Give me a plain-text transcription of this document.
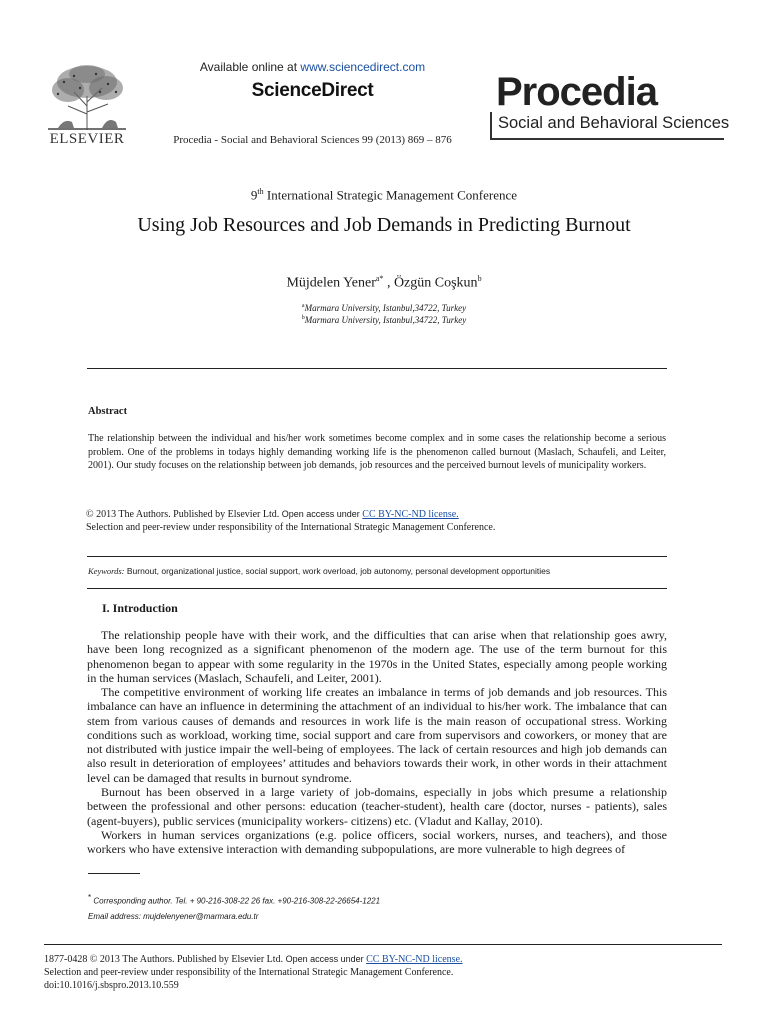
ELSEVIER
Available online at www.sciencedirect.com
ScienceDirect
Procedia - Social and Behavioral Sciences 99 (2013) 869 – 876
Procedia
Social and Behavioral Sciences
9th International Strategic Management Conference
Using Job Resources and Job Demands in Predicting Burnout
Müjdelen Yener$^{a*}$ , Özgün Coşkun$^b$
$^a$Marmara University, Istanbul,34722, Turkey
$^b$Marmara University, Istanbul,34722, Turkey
Abstract
The relationship between the individual and his/her work sometimes become complex and in some cases the relationship become a serious problem. One of the problems in todays highly demanding working life is the phenomenon called burnout (Maslach, Schaufeli, and Leiter, 2001). Our study focuses on the relationship between job demands, job resources and the perceived burnout levels of municipality workers.
© 2013 The Authors. Published by Elsevier Ltd. Open access under CC BY-NC-ND license.
Selection and peer-review under responsibility of the International Strategic Management Conference.
Keywords: Burnout, organizational justice, social support, work overload, job autonomy, personal development opportunities
I. Introduction
The relationship people have with their work, and the difficulties that can arise when that relationship goes awry, have been long recognized as a significant phenomenon of the modern age. The use of the term burnout for this phenomenon began to appear with some regularity in the 1970s in the United States, especially among people working in the human services (Maslach, Schaufeli, and Leiter, 2001).
The competitive environment of working life creates an imbalance in terms of job demands and job resources. This imbalance can have an influence in determining the attachment of an individual to his/her work. The imbalance that can stem from various causes of demands and resources in work life is the main reason of occupational stress. Working conditions such as workload, working time, social support and care from supervisors and coworkers, or money that are not distributed with justice impair the well-being of employees. The lack of certain resources and high job demands can also result in deterioration of employees’ attitudes and behaviors towards their work, in other words in their attachment level can be damaged that results in burnout syndrome.
Burnout has been observed in a large variety of job-domains, especially in jobs which presume a relationship between the professional and other persons: education (teacher-student), health care (doctor, nurses - patients), sales (agent-buyers), public services (municipality workers- citizens) etc. (Vladut and Kallay, 2010).
Workers in human services organizations (e.g. police officers, social workers, nurses, and teachers), and those workers who have extensive interaction with demanding subpopulations, are more vulnerable to high degrees of
* Corresponding author. Tel. + 90-216-308-22 26 fax. +90-216-308-22-26654-1221
Email address: mujdelenyener@marmara.edu.tr
1877-0428 © 2013 The Authors. Published by Elsevier Ltd. Open access under CC BY-NC-ND license.
Selection and peer-review under responsibility of the International Strategic Management Conference.
doi:10.1016/j.sbspro.2013.10.559
